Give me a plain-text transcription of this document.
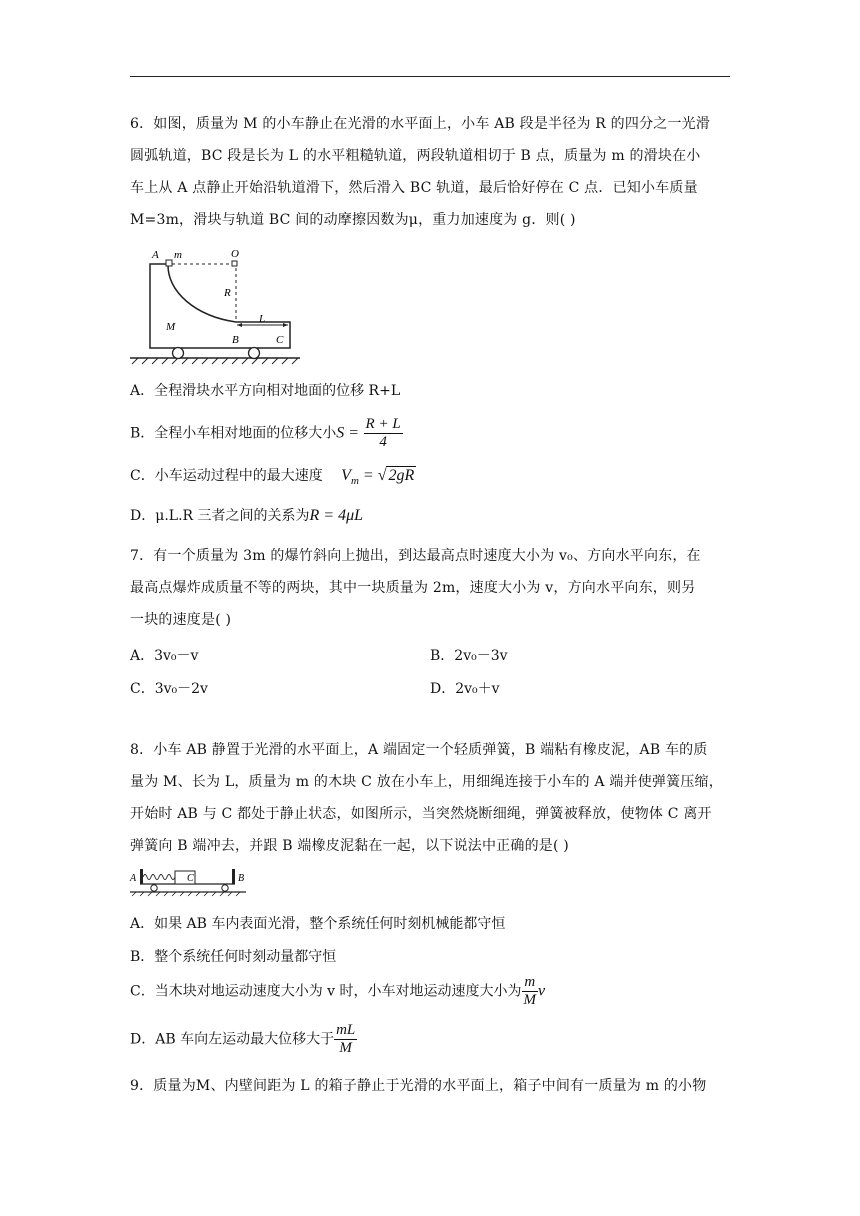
6．如图，质量为 M 的小车静止在光滑的水平面上，小车 AB 段是半径为 R 的四分之一光滑
圆弧轨道，BC 段是长为 L 的水平粗糙轨道，两段轨道相切于 B 点，质量为 m 的滑块在小
车上从 A 点静止开始沿轨道滑下，然后滑入 BC 轨道，最后恰好停在 C 点．已知小车质量
M=3m，滑块与轨道 BC 间的动摩擦因数为μ，重力加速度为 g．则( )
A m	O
R
L
M
B	C
A．全程滑块水平方向相对地面的位移 R+L
B．全程小车相对地面的位移大小$S = \frac{R + L}{4}$
C．小车运动过程中的最大速度 $V_m$ = √ 2gR
D．μ.L.R 三者之间的关系为R = 4μL
7．有一个质量为 3m 的爆竹斜向上抛出，到达最高点时速度大小为 v₀、方向水平向东，在
最高点爆炸成质量不等的两块，其中一块质量为 2m，速度大小为 v，方向水平向东，则另
一块的速度是( )
A．3v₀－v	B．2v₀－3v
C．3v₀－2v	D．2v₀＋v
8．小车 AB 静置于光滑的水平面上，A 端固定一个轻质弹簧，B 端粘有橡皮泥，AB 车的质
量为 M、长为 L，质量为 m 的木块 C 放在小车上，用细绳连接于小车的 A 端并使弹簧压缩，
开始时 AB 与 C 都处于静止状态，如图所示，当突然烧断细绳，弹簧被释放，使物体 C 离开
弹簧向 B 端冲去，并跟 B 端橡皮泥黏在一起，以下说法中正确的是( )
A	C	B
A．如果 AB 车内表面光滑，整个系统任何时刻机械能都守恒
B．整个系统任何时刻动量都守恒
C．当木块对地运动速度大小为 v 时，小车对地运动速度大小为 $\frac{m}{M}$ v
D．AB 车向左运动最大位移大于 $\frac{mL}{M}$
9．质量为M、内壁间距为 L 的箱子静止于光滑的水平面上，箱子中间有一质量为 m 的小物
